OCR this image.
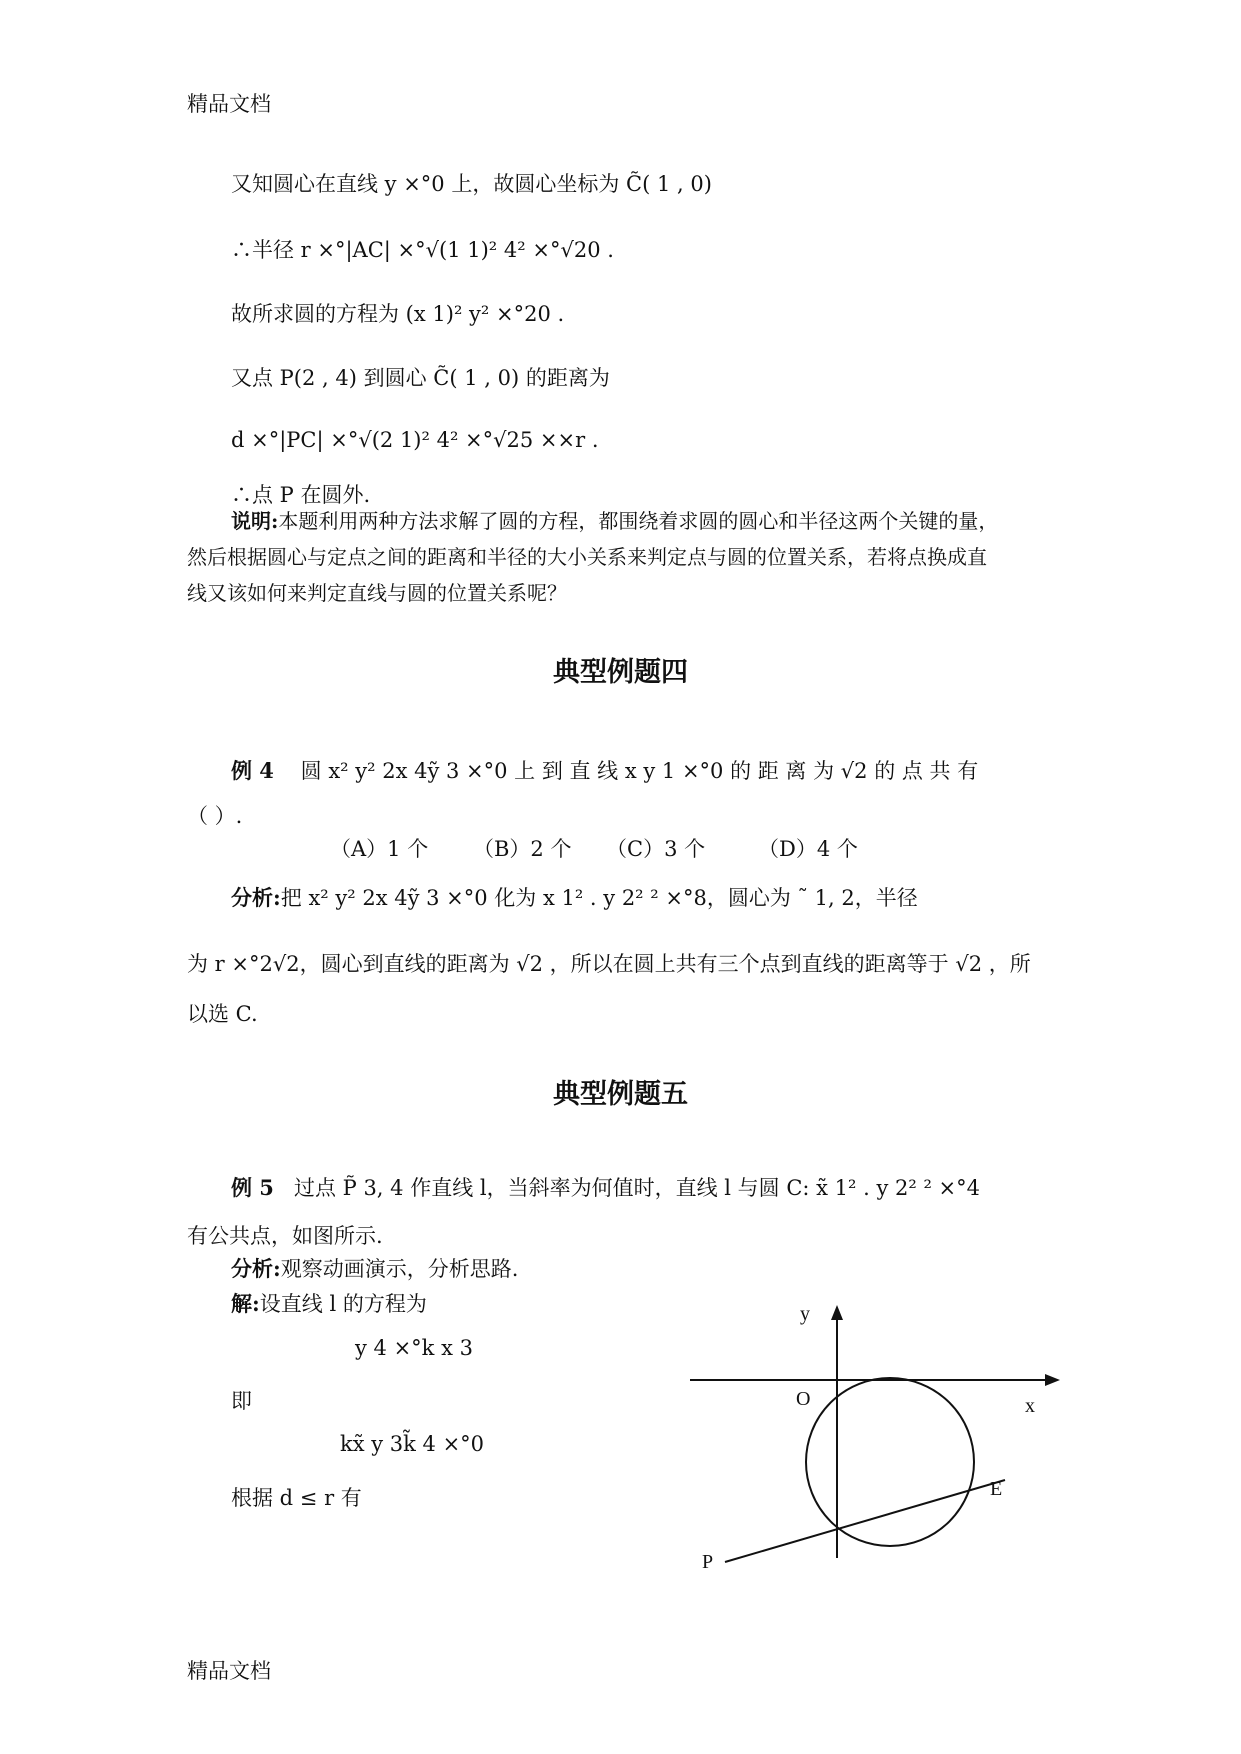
精品文档
精品文档
又知圆心在直线 y ×°0 上，故圆心坐标为 C̃( 1 , 0)
∴半径 r ×°|AC| ×°√(1 1)² 4² ×°√20 .
故所求圆的方程为 (x 1)² y² ×°20 .
又点 P(2 , 4) 到圆心 C̃( 1 , 0) 的距离为
d ×°|PC| ×°√(2 1)² 4² ×°√25 ××r .
∴点 P 在圆外.
说明:本题利用两种方法求解了圆的方程，都围绕着求圆的圆心和半径这两个关键的量，
然后根据圆心与定点之间的距离和半径的大小关系来判定点与圆的位置关系，若将点换成直
线又该如何来判定直线与圆的位置关系呢？
典型例题四
例 4 圆 x² y² 2x 4ỹ 3 ×°0 上 到 直 线 x y 1 ×°0 的 距 离 为 √2 的 点 共 有
（ ）.
（A）1 个 （B）2 个 （C）3 个	（D）4 个
分析:把 x² y² 2x 4ỹ 3 ×°0 化为 x 1² . y 2² ² ×°8，圆心为 ˜ 1, 2，半径
为 r ×°2√2，圆心到直线的距离为 √2 ，所以在圆上共有三个点到直线的距离等于 √2 ，所
以选 C.
典型例题五
例 5 过点 P̃ 3, 4 作直线 l，当斜率为何值时，直线 l 与圆 C: x̃ 1² . y 2² ² ×°4
有公共点，如图所示.
分析:观察动画演示，分析思路.
解:设直线 l 的方程为
y 4 ×°k x 3
即
kx̃ y 3k̃ 4 ×°0
根据 d ≤ r 有
y
x
O
E
P
